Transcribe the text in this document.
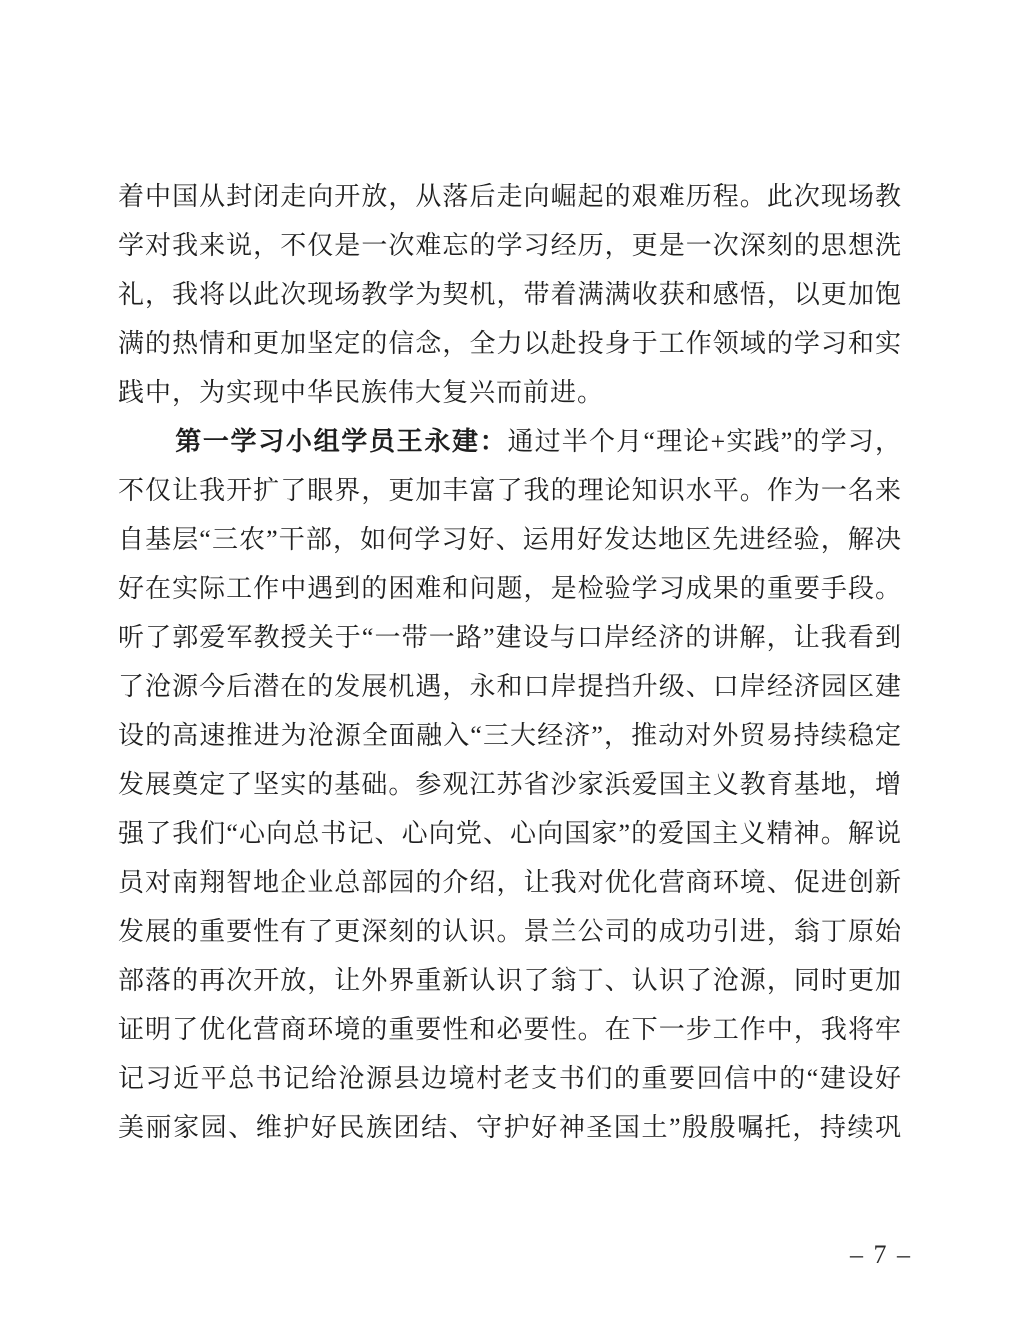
着中国从封闭走向开放，从落后走向崛起的艰难历程。此次现场教学对我来说，不仅是一次难忘的学习经历，更是一次深刻的思想洗礼，我将以此次现场教学为契机，带着满满收获和感悟，以更加饱满的热情和更加坚定的信念，全力以赴投身于工作领域的学习和实践中，为实现中华民族伟大复兴而前进。

第一学习小组学员王永建：通过半个月“理论+实践”的学习，不仅让我开扩了眼界，更加丰富了我的理论知识水平。作为一名来自基层“三农”干部，如何学习好、运用好发达地区先进经验，解决好在实际工作中遇到的困难和问题，是检验学习成果的重要手段。听了郭爱军教授关于“一带一路”建设与口岸经济的讲解，让我看到了沧源今后潜在的发展机遇，永和口岸提挡升级、口岸经济园区建设的高速推进为沧源全面融入“三大经济”，推动对外贸易持续稳定发展奠定了坚实的基础。参观江苏省沙家浜爱国主义教育基地，增强了我们“心向总书记、心向党、心向国家”的爱国主义精神。解说员对南翔智地企业总部园的介绍，让我对优化营商环境、促进创新发展的重要性有了更深刻的认识。景兰公司的成功引进，翁丁原始部落的再次开放，让外界重新认识了翁丁、认识了沧源，同时更加证明了优化营商环境的重要性和必要性。在下一步工作中，我将牢记习近平总书记给沧源县边境村老支书们的重要回信中的“建设好美丽家园、维护好民族团结、守护好神圣国土”殷殷嘱托，持续巩

– 7 –
